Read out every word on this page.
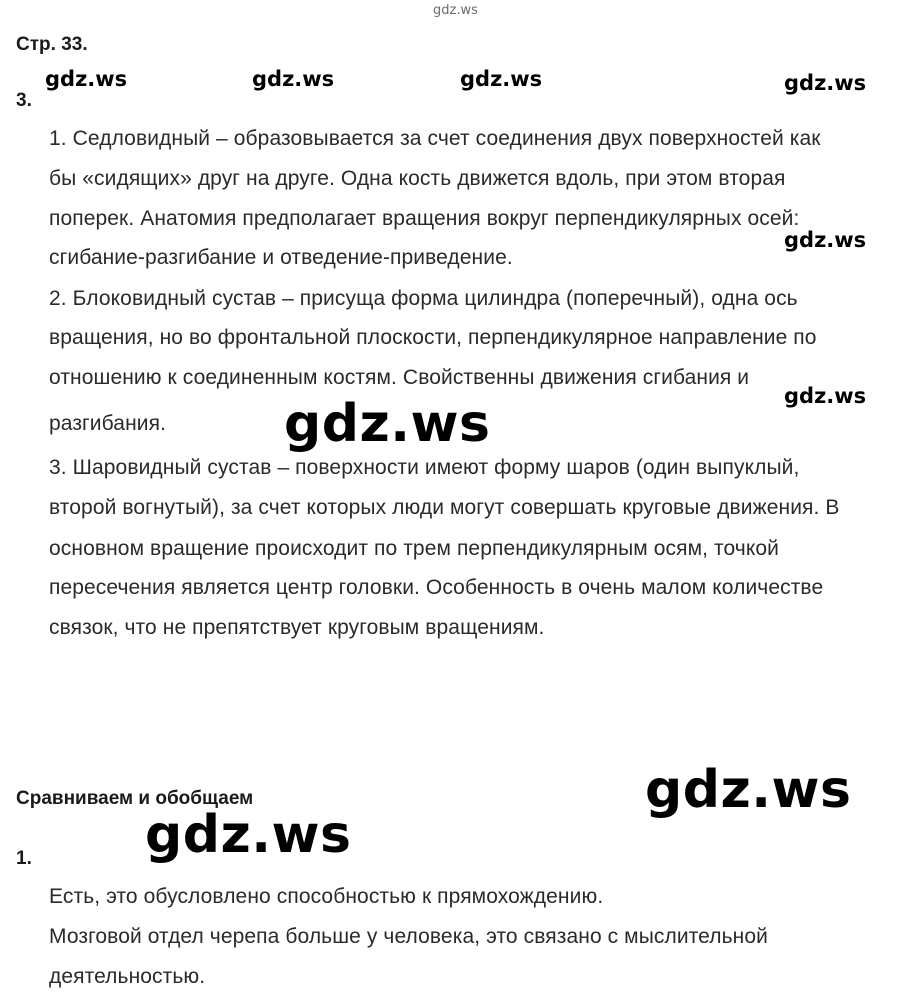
gdz.ws
Стр. 33.
gdz.ws	gdz.ws	gdz.ws	gdz.ws
3.
1. Седловидный – образовывается за счет соединения двух поверхностей как
бы «сидящих» друг на друге. Одна кость движется вдоль, при этом вторая
поперек. Анатомия предполагает вращения вокруг перпендикулярных осей:
сгибание-разгибание и отведение-приведение.
2. Блоковидный сустав – присуща форма цилиндра (поперечный), одна ось
вращения, но во фронтальной плоскости, перпендикулярное направление по
отношению к соединенным костям. Свойственны движения сгибания и
разгибания.
3. Шаровидный сустав – поверхности имеют форму шаров (один выпуклый,
второй вогнутый), за счет которых люди могут совершать круговые движения. В
основном вращение происходит по трем перпендикулярным осям, точкой
пересечения является центр головки. Особенность в очень малом количестве
связок, что не препятствует круговым вращениям.
gdz.ws
gdz.ws
gdz.ws
Сравниваем и обобщаем	gdz.ws
gdz.ws
1.
Есть, это обусловлено способностью к прямохождению.
Мозговой отдел черепа больше у человека, это связано с мыслительной
деятельностью.
